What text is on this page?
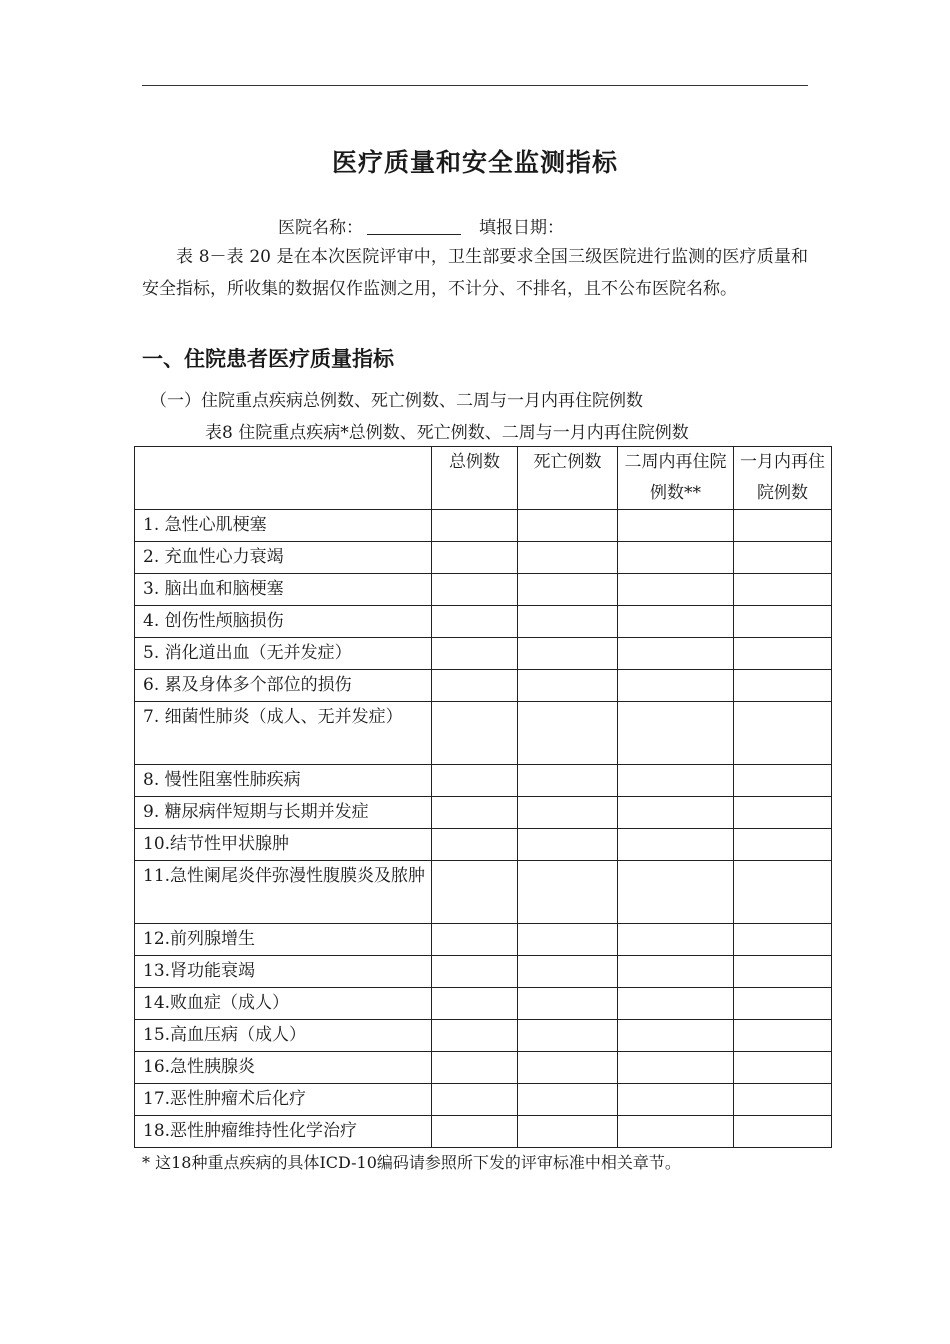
医疗质量和安全监测指标
医院名称：	填报日期：

表 8－表 20 是在本次医院评审中，卫生部要求全国三级医院进行监测的医疗质量和安全指标，所收集的数据仅作监测之用，不计分、不排名，且不公布医院名称。

一、住院患者医疗质量指标
（一）住院重点疾病总例数、死亡例数、二周与一月内再住院例数
表8 住院重点疾病*总例数、死亡例数、二周与一月内再住院例数
	总例数	死亡例数	二周内再住院例数**	一月内再住院例数
1. 急性心肌梗塞				
2. 充血性心力衰竭				
3. 脑出血和脑梗塞				
4. 创伤性颅脑损伤				
5. 消化道出血（无并发症）				
6. 累及身体多个部位的损伤				
7. 细菌性肺炎（成人、无并发症）				
8. 慢性阻塞性肺疾病				
9. 糖尿病伴短期与长期并发症				
10.结节性甲状腺肿				

11.急性阑尾炎伴弥漫性腹膜炎及脓肿				

12.前列腺增生				
13.肾功能衰竭				
14.败血症（成人）				
15.高血压病（成人）				
16.急性胰腺炎				
17.恶性肿瘤术后化疗				
18.恶性肿瘤维持性化学治疗				
* 这18种重点疾病的具体ICD-10编码请参照所下发的评审标准中相关章节。
